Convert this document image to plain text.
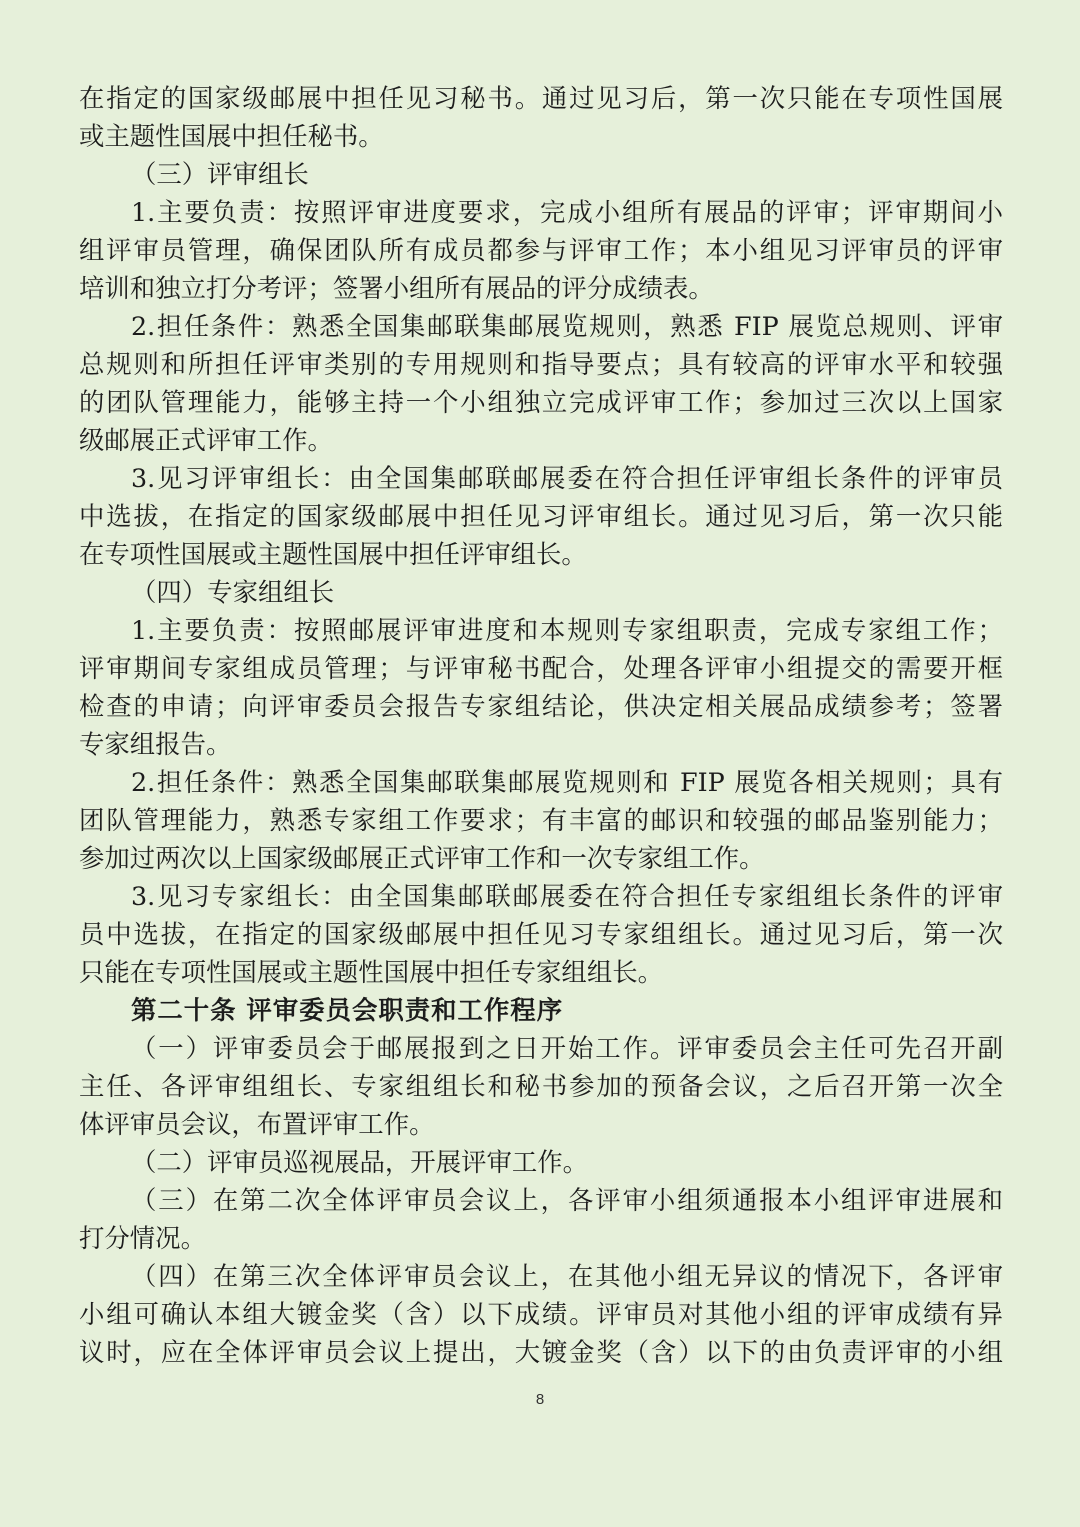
在指定的国家级邮展中担任见习秘书。通过见习后，第一次只能在专项性国展
或主题性国展中担任秘书。
（三）评审组长
1.主要负责：按照评审进度要求，完成小组所有展品的评审；评审期间小
组评审员管理，确保团队所有成员都参与评审工作；本小组见习评审员的评审
培训和独立打分考评；签署小组所有展品的评分成绩表。
2.担任条件：熟悉全国集邮联集邮展览规则，熟悉 FIP 展览总规则、评审
总规则和所担任评审类别的专用规则和指导要点；具有较高的评审水平和较强
的团队管理能力，能够主持一个小组独立完成评审工作；参加过三次以上国家
级邮展正式评审工作。
3.见习评审组长：由全国集邮联邮展委在符合担任评审组长条件的评审员
中选拔，在指定的国家级邮展中担任见习评审组长。通过见习后，第一次只能
在专项性国展或主题性国展中担任评审组长。
（四）专家组组长
1.主要负责：按照邮展评审进度和本规则专家组职责，完成专家组工作；
评审期间专家组成员管理；与评审秘书配合，处理各评审小组提交的需要开框
检查的申请；向评审委员会报告专家组结论，供决定相关展品成绩参考；签署
专家组报告。
2.担任条件：熟悉全国集邮联集邮展览规则和 FIP 展览各相关规则；具有
团队管理能力，熟悉专家组工作要求；有丰富的邮识和较强的邮品鉴别能力；
参加过两次以上国家级邮展正式评审工作和一次专家组工作。
3.见习专家组长：由全国集邮联邮展委在符合担任专家组组长条件的评审
员中选拔，在指定的国家级邮展中担任见习专家组组长。通过见习后，第一次
只能在专项性国展或主题性国展中担任专家组组长。
第二十条 评审委员会职责和工作程序
（一）评审委员会于邮展报到之日开始工作。评审委员会主任可先召开副
主任、各评审组组长、专家组组长和秘书参加的预备会议，之后召开第一次全
体评审员会议，布置评审工作。
（二）评审员巡视展品，开展评审工作。
（三）在第二次全体评审员会议上，各评审小组须通报本小组评审进展和
打分情况。
（四）在第三次全体评审员会议上，在其他小组无异议的情况下，各评审
小组可确认本组大镀金奖（含）以下成绩。评审员对其他小组的评审成绩有异
议时，应在全体评审员会议上提出，大镀金奖（含）以下的由负责评审的小组
8
